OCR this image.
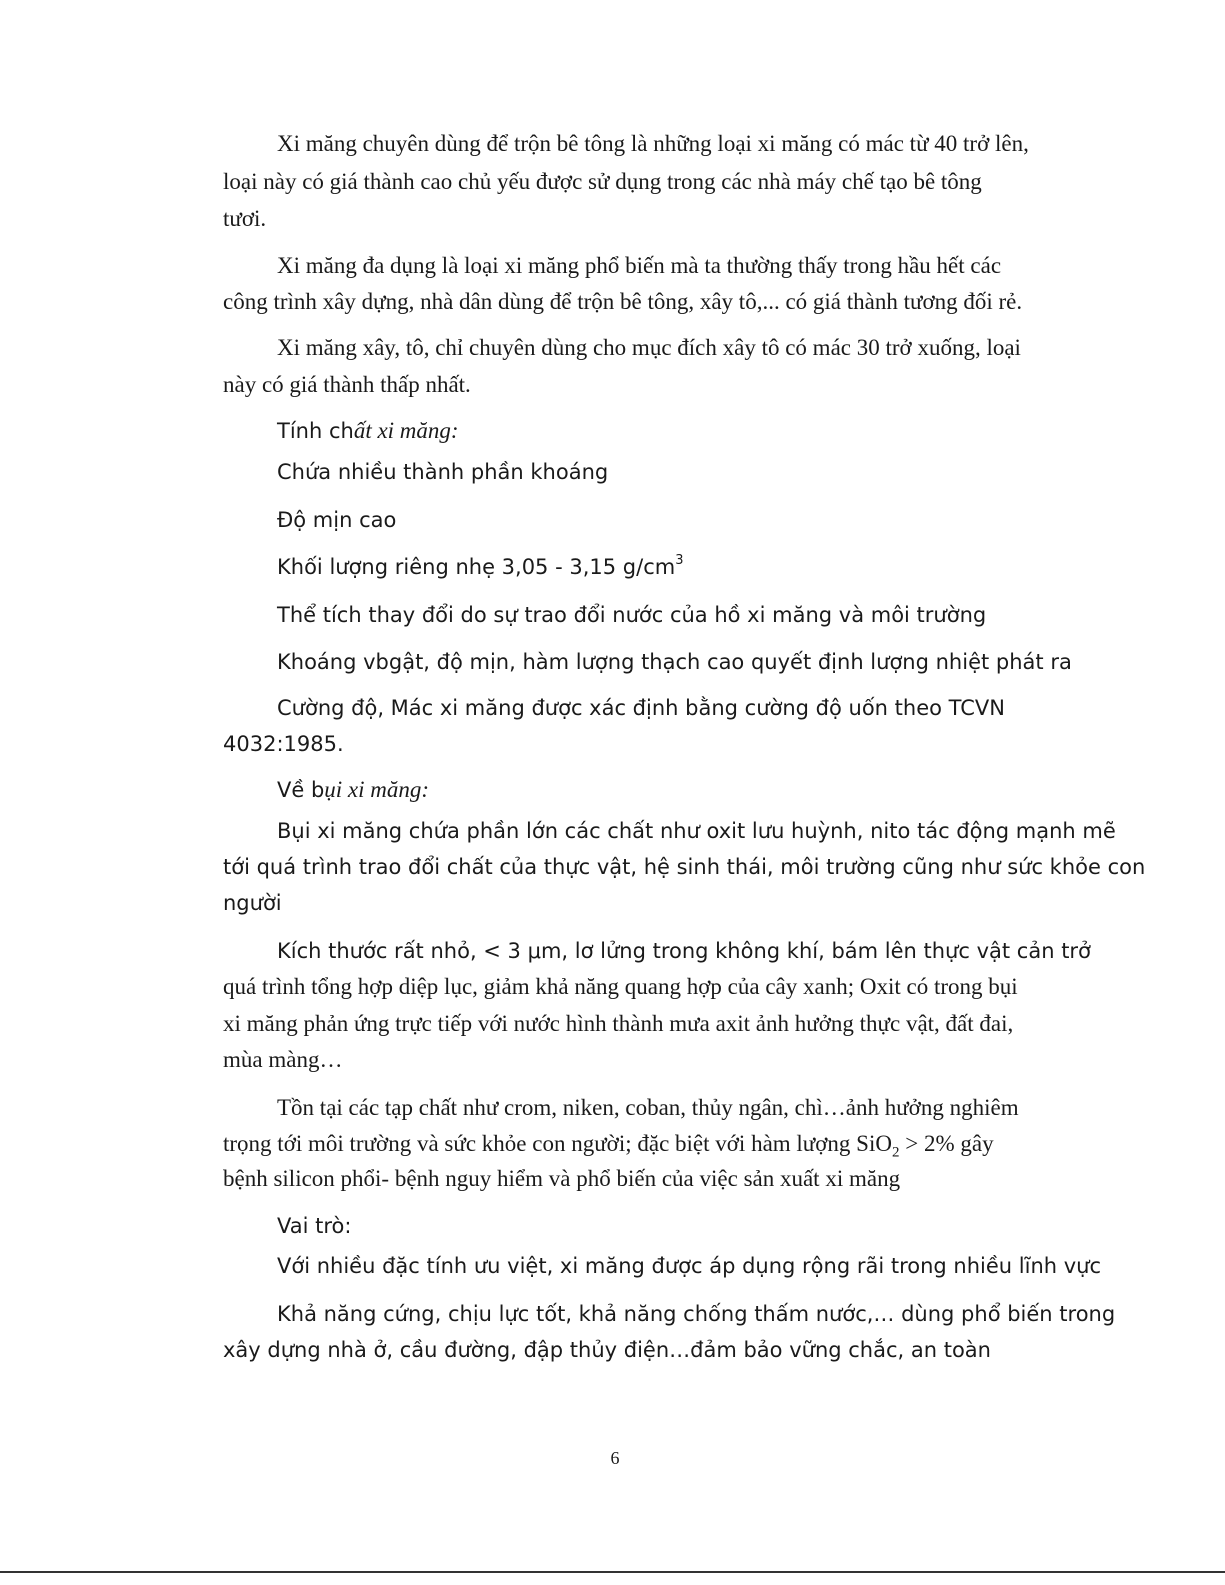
Xi măng chuyên dùng để trộn bê tông là những loại xi măng có mác từ 40 trở lên,
loại này có giá thành cao chủ yếu được sử dụng trong các nhà máy chế tạo bê tông
tươi.
Xi măng đa dụng là loại xi măng phổ biến mà ta thường thấy trong hầu hết các
công trình xây dựng, nhà dân dùng để trộn bê tông, xây tô,... có giá thành tương đối rẻ.
Xi măng xây, tô, chỉ chuyên dùng cho mục đích xây tô có mác 30 trở xuống, loại
này có giá thành thấp nhất.
Tính chất xi măng:
Chứa nhiều thành phần khoáng
Độ mịn cao
Khối lượng riêng nhẹ 3,05 - 3,15 $g/cm^3$
Thể tích thay đổi do sự trao đổi nước của hồ xi măng và môi trường
Khoáng vbgật, độ mịn, hàm lượng thạch cao quyết định lượng nhiệt phát ra
Cường độ, Mác xi măng được xác định bằng cường độ uốn theo TCVN
4032:1985.
Về bụi xi măng:
Bụi xi măng chứa phần lớn các chất như oxit lưu huỳnh, nito tác động mạnh mẽ
tới quá trình trao đổi chất của thực vật, hệ sinh thái, môi trường cũng như sức khỏe con
người
Kích thước rất nhỏ, < 3 μm, lơ lửng trong không khí, bám lên thực vật cản trở
quá trình tổng hợp diệp lục, giảm khả năng quang hợp của cây xanh; Oxit có trong bụi
xi măng phản ứng trực tiếp với nước hình thành mưa axit ảnh hưởng thực vật, đất đai,
mùa màng…
Tồn tại các tạp chất như crom, niken, coban, thủy ngân, chì…ảnh hưởng nghiêm
trọng tới môi trường và sức khỏe con người; đặc biệt với hàm lượng SiO$_2$ > 2% gây
bệnh silicon phổi- bệnh nguy hiểm và phổ biến của việc sản xuất xi măng
Vai trò:
Với nhiều đặc tính ưu việt, xi măng được áp dụng rộng rãi trong nhiều lĩnh vực
Khả năng cứng, chịu lực tốt, khả năng chống thấm nước,… dùng phổ biến trong
xây dựng nhà ở, cầu đường, đập thủy điện…đảm bảo vững chắc, an toàn
6
